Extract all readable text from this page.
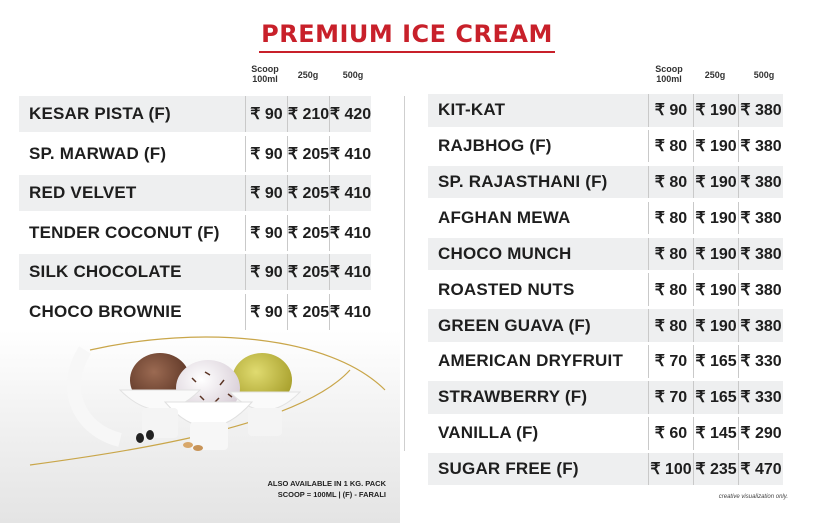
PREMIUM ICE CREAM
Scoop
100ml	250g	500g
Scoop
100ml	250g	500g
KESAR PISTA (F)	₹ 90 ₹ 210 ₹ 420
SP. MARWAD (F)	₹ 90 ₹ 205 ₹ 410
RED VELVET	₹ 90 ₹ 205 ₹ 410
TENDER COCONUT (F)	₹ 90 ₹ 205 ₹ 410
SILK CHOCOLATE	₹ 90 ₹ 205 ₹ 410
CHOCO BROWNIE	₹ 90 ₹ 205 ₹ 410
KIT-KAT	₹ 90 ₹ 190 ₹ 380
RAJBHOG (F)	₹ 80 ₹ 190 ₹ 380
SP. RAJASTHANI (F)	₹ 80 ₹ 190 ₹ 380
AFGHAN MEWA	₹ 80 ₹ 190 ₹ 380
CHOCO MUNCH	₹ 80 ₹ 190 ₹ 380
ROASTED NUTS	₹ 80 ₹ 190 ₹ 380
GREEN GUAVA (F)	₹ 80 ₹ 190 ₹ 380
AMERICAN DRYFRUIT	₹ 70 ₹ 165 ₹ 330
STRAWBERRY (F)	₹ 70 ₹ 165 ₹ 330
VANILLA (F)	₹ 60 ₹ 145 ₹ 290
SUGAR FREE (F)	₹ 100 ₹ 235 ₹ 470
ALSO AVAILABLE IN 1 KG. PACK
SCOOP = 100ML | (F) - FARALI	creative visualization only.
